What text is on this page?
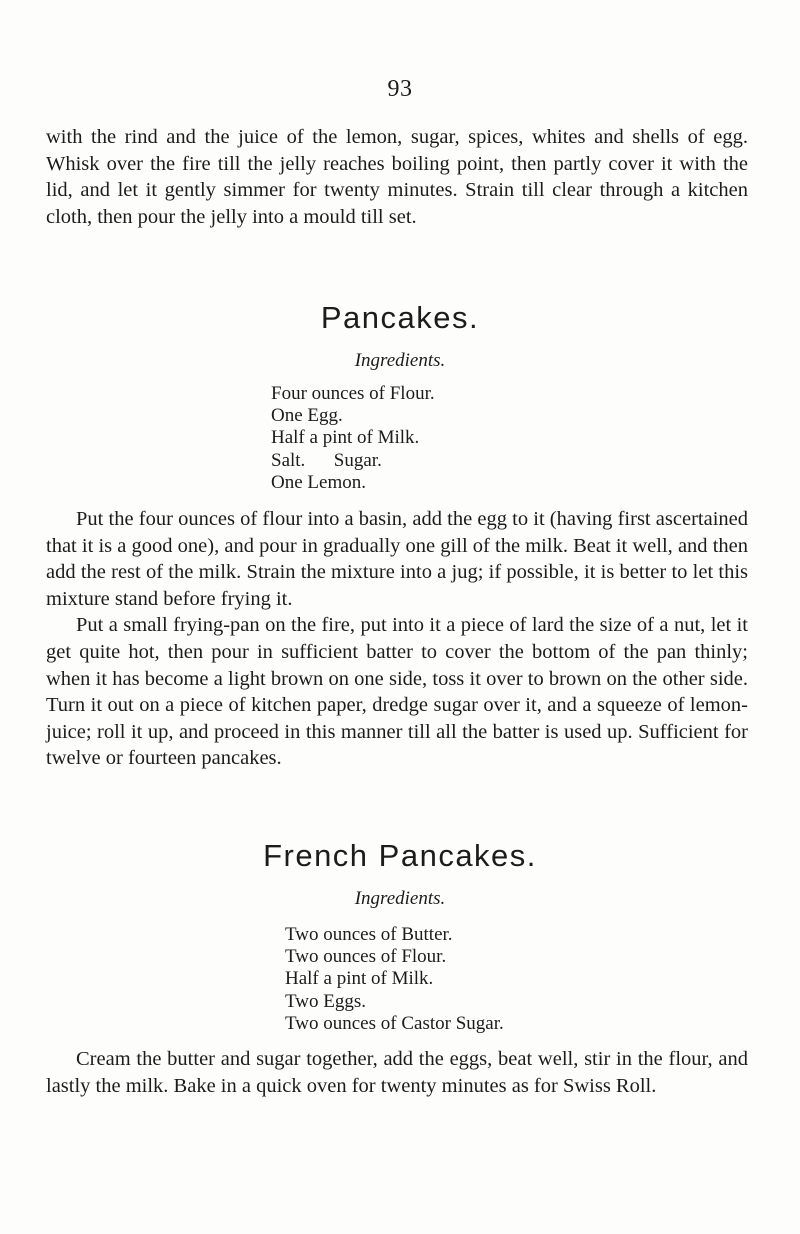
93

with the rind and the juice of the lemon, sugar, spices, whites and shells of egg. Whisk over the fire till the jelly reaches boiling point, then partly cover it with the lid, and let it gently simmer for twenty minutes. Strain till clear through a kitchen cloth, then pour the jelly into a mould till set.

Pancakes.
Ingredients.
Four ounces of Flour.
One Egg.
Half a pint of Milk.
Salt.      Sugar.
One Lemon.

Put the four ounces of flour into a basin, add the egg to it (having first ascertained that it is a good one), and pour in gradually one gill of the milk. Beat it well, and then add the rest of the milk. Strain the mixture into a jug; if possible, it is better to let this mixture stand before frying it.

Put a small frying-pan on the fire, put into it a piece of lard the size of a nut, let it get quite hot, then pour in sufficient batter to cover the bottom of the pan thinly; when it has become a light brown on one side, toss it over to brown on the other side. Turn it out on a piece of kitchen paper, dredge sugar over it, and a squeeze of lemon-juice; roll it up, and proceed in this manner till all the batter is used up. Sufficient for twelve or fourteen pancakes.

French Pancakes.
Ingredients.
Two ounces of Butter.
Two ounces of Flour.
Half a pint of Milk.
Two Eggs.
Two ounces of Castor Sugar.

Cream the butter and sugar together, add the eggs, beat well, stir in the flour, and lastly the milk. Bake in a quick oven for twenty minutes as for Swiss Roll.
